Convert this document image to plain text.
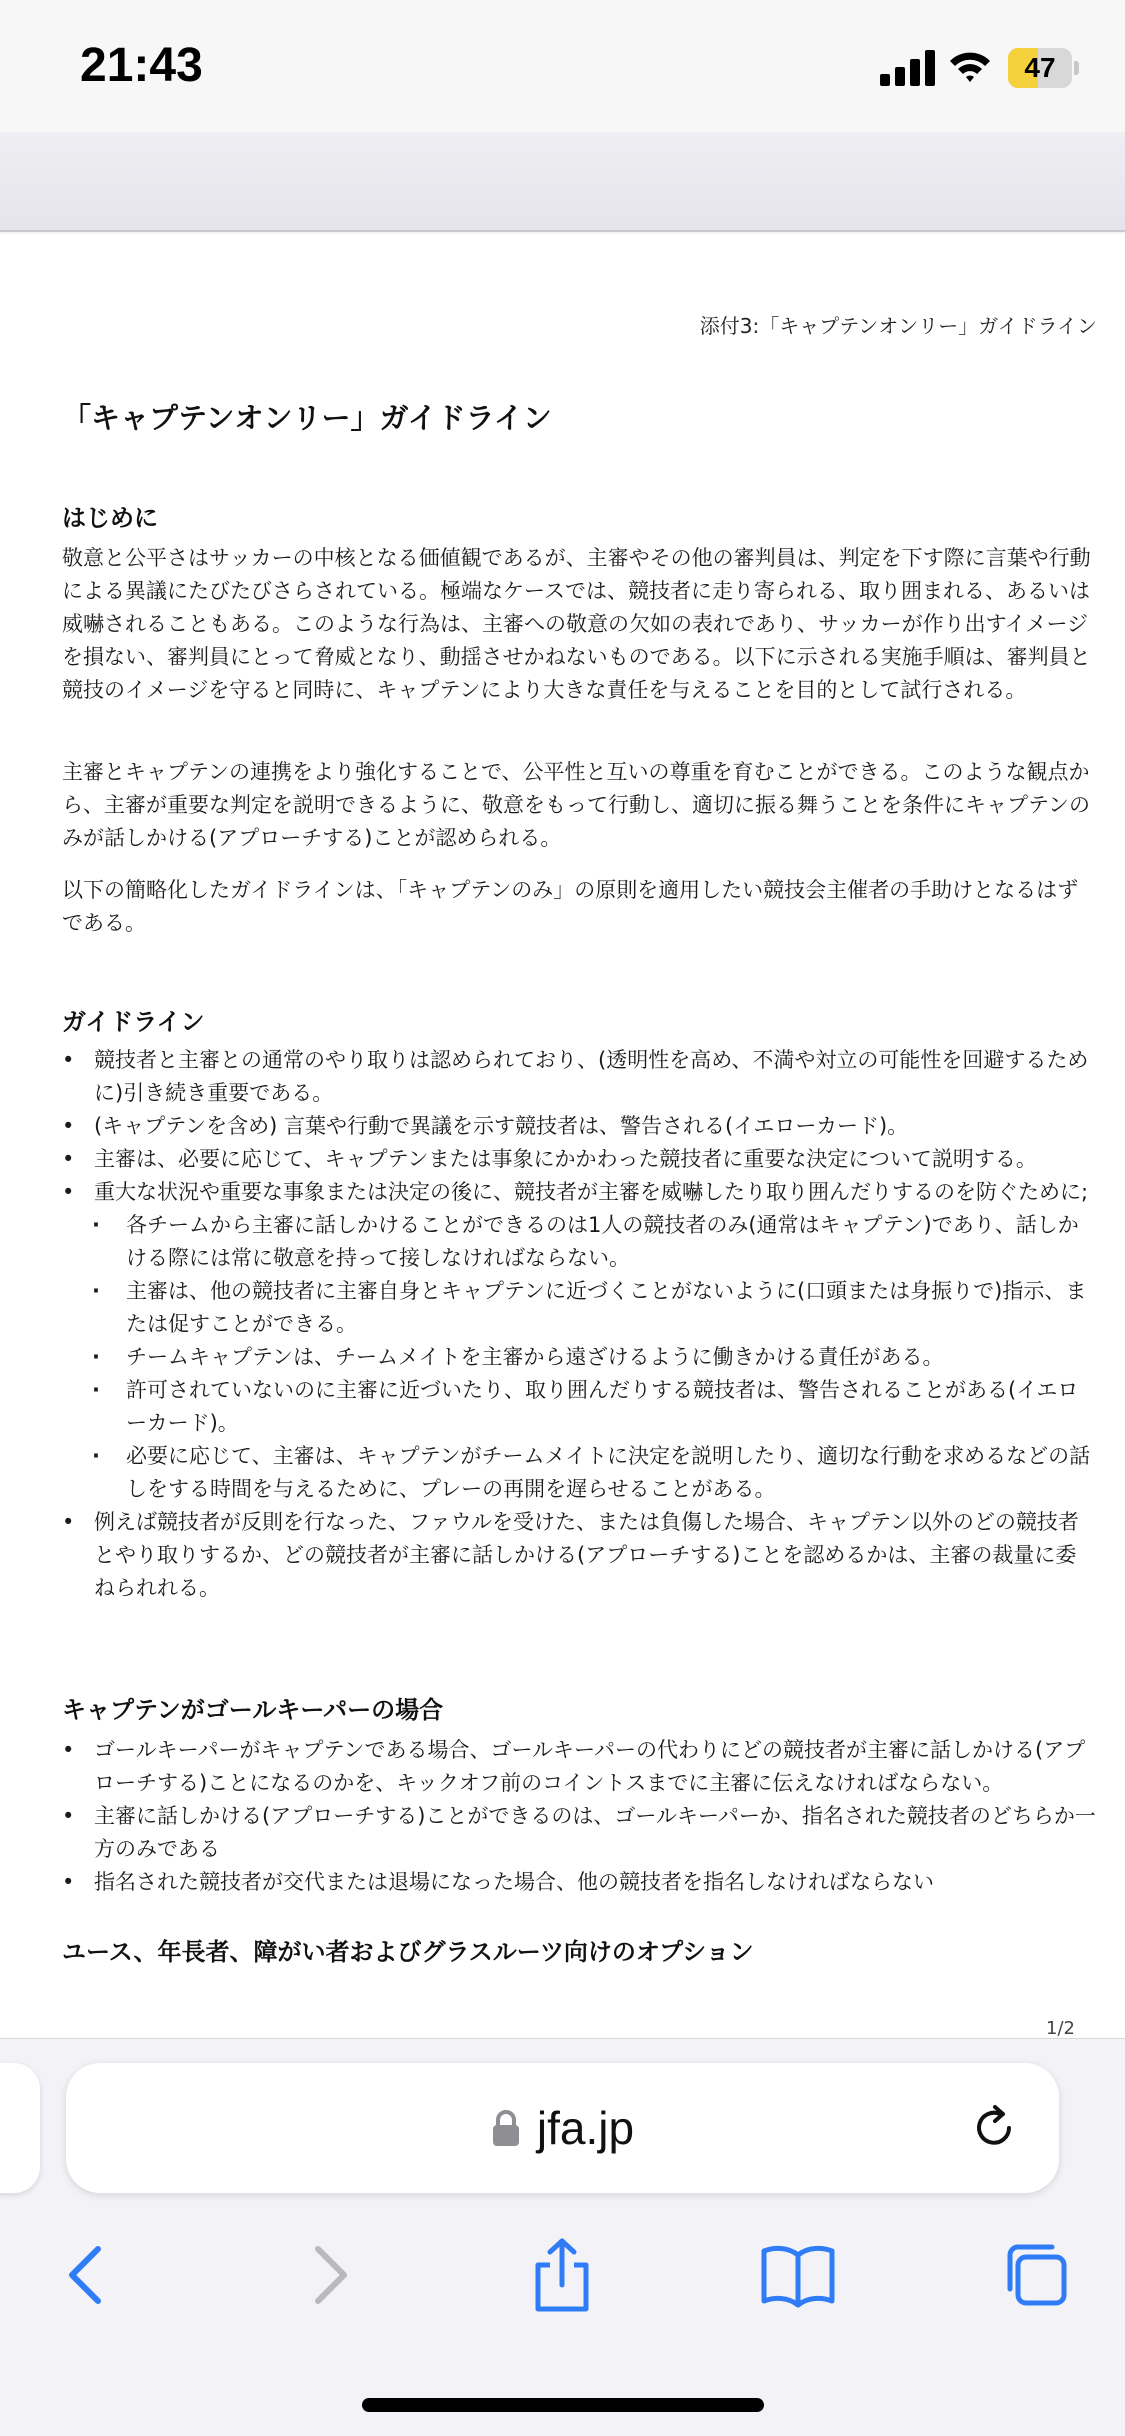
21:43	47
添付3:「キャプテンオンリー」ガイドライン
「キャプテンオンリー」ガイドライン
はじめに
敬意と公平さはサッカーの中核となる価値観であるが、主審やその他の審判員は、判定を下す際に言葉や行動による異議にたびたびさらされている。極端なケースでは、競技者に走り寄られる、取り囲まれる、あるいは威嚇されることもある。このような行為は、主審への敬意の欠如の表れであり、サッカーが作り出すイメージを損ない、審判員にとって脅威となり、動揺させかねないものである。以下に示される実施手順は、審判員と競技のイメージを守ると同時に、キャプテンにより大きな責任を与えることを目的として試行される。
主審とキャプテンの連携をより強化することで、公平性と互いの尊重を育むことができる。このような観点から、主審が重要な判定を説明できるように、敬意をもって行動し、適切に振る舞うことを条件にキャプテンのみが話しかける(アプローチする)ことが認められる。
以下の簡略化したガイドラインは、「キャプテンのみ」の原則を適用したい競技会主催者の手助けとなるはずである。
ガイドライン
• 競技者と主審との通常のやり取りは認められており、(透明性を高め、不満や対立の可能性を回避するために)引き続き重要である。
• (キャプテンを含め) 言葉や行動で異議を示す競技者は、警告される(イエローカード)。
• 主審は、必要に応じて、キャプテンまたは事象にかかわった競技者に重要な決定について説明する。
• 重大な状況や重要な事象または決定の後に、競技者が主審を威嚇したり取り囲んだりするのを防ぐために;
· 各チームから主審に話しかけることができるのは1人の競技者のみ(通常はキャプテン)であり、話しかける際には常に敬意を持って接しなければならない。
· 主審は、他の競技者に主審自身とキャプテンに近づくことがないように(口頭または身振りで)指示、または促すことができる。
· チームキャプテンは、チームメイトを主審から遠ざけるように働きかける責任がある。
· 許可されていないのに主審に近づいたり、取り囲んだりする競技者は、警告されることがある(イエローカード)。
· 必要に応じて、主審は、キャプテンがチームメイトに決定を説明したり、適切な行動を求めるなどの話しをする時間を与えるために、プレーの再開を遅らせることがある。
• 例えば競技者が反則を行なった、ファウルを受けた、または負傷した場合、キャプテン以外のどの競技者とやり取りするか、どの競技者が主審に話しかける(アプローチする)ことを認めるかは、主審の裁量に委ねられれる。
キャプテンがゴールキーパーの場合
• ゴールキーパーがキャプテンである場合、ゴールキーパーの代わりにどの競技者が主審に話しかける(アプローチする)ことになるのかを、キックオフ前のコイントスまでに主審に伝えなければならない。
• 主審に話しかける(アプローチする)ことができるのは、ゴールキーパーか、指名された競技者のどちらか一方のみである
• 指名された競技者が交代または退場になった場合、他の競技者を指名しなければならない
ユース、年長者、障がい者およびグラスルーツ向けのオプション
1/2
jfa.jp
